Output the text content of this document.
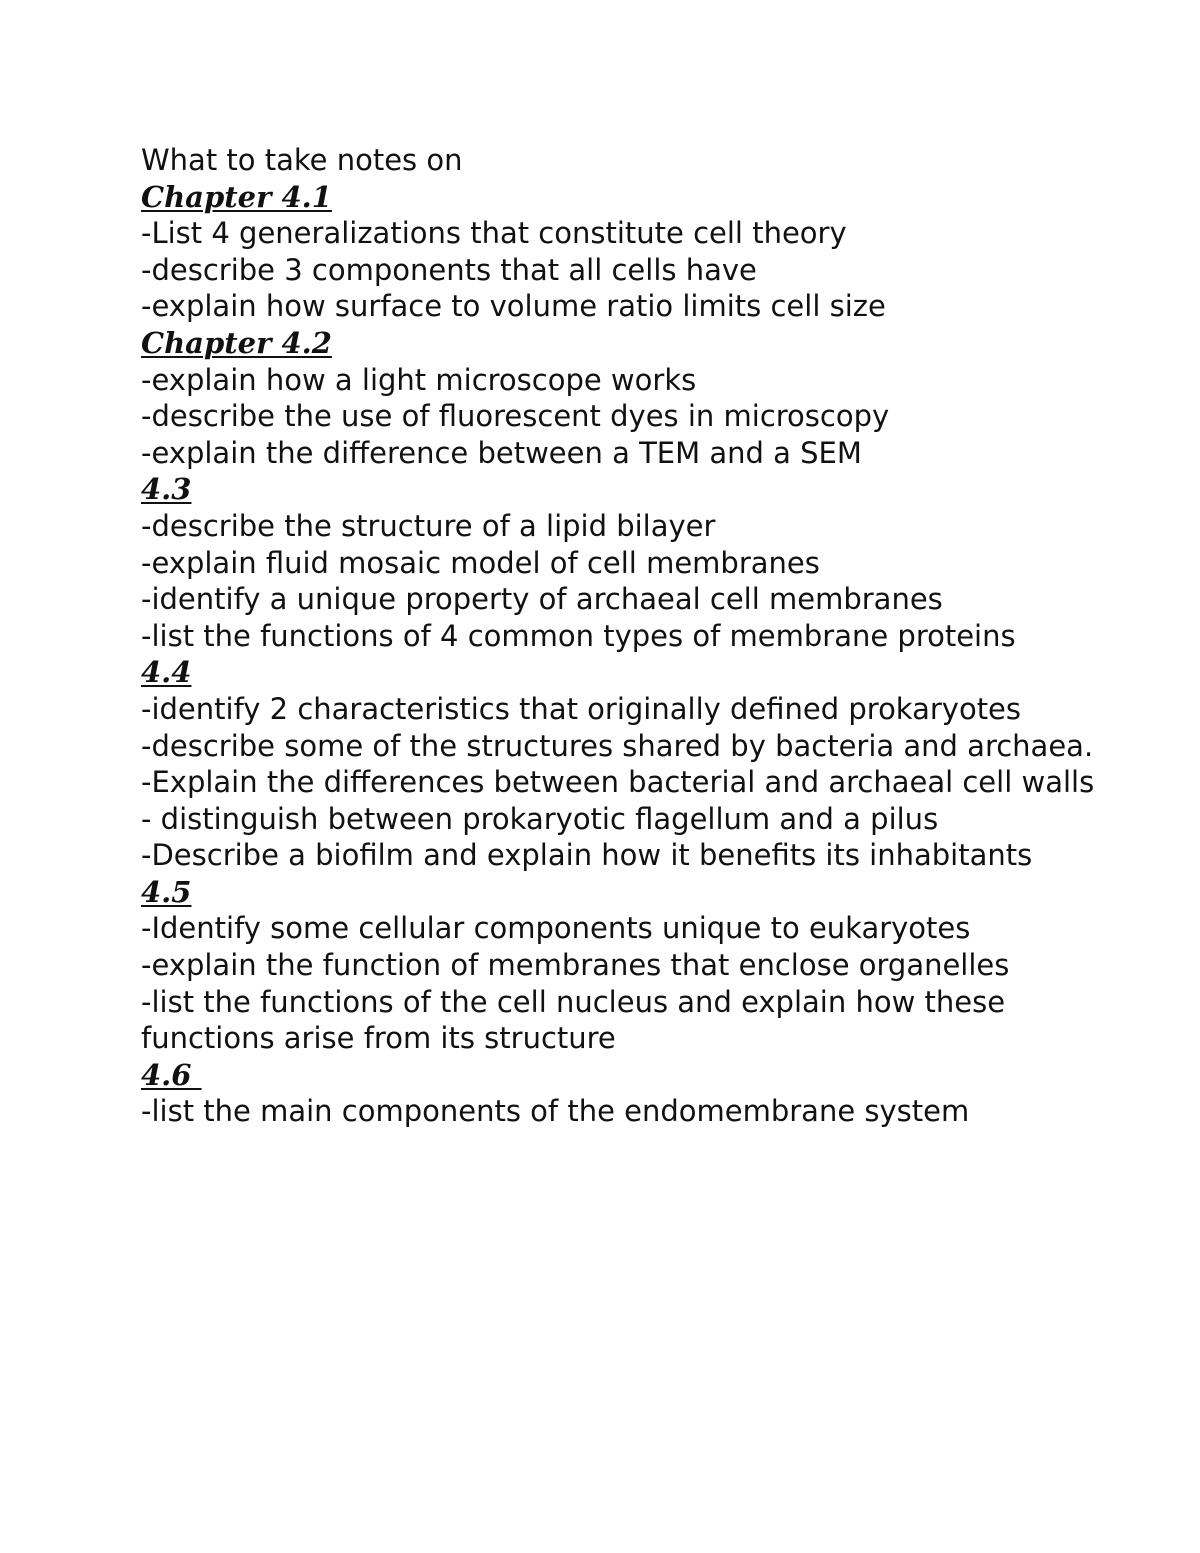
What to take notes on

Chapter 4.1

-List 4 generalizations that constitute cell theory

-describe 3 components that all cells have

-explain how surface to volume ratio limits cell size

Chapter 4.2

-explain how a light microscope works

-describe the use of fluorescent dyes in microscopy

-explain the difference between a TEM and a SEM

4.3

-describe the structure of a lipid bilayer

-explain fluid mosaic model of cell membranes

-identify a unique property of archaeal cell membranes

-list the functions of 4 common types of membrane proteins

4.4

-identify 2 characteristics that originally defined prokaryotes

-describe some of the structures shared by bacteria and archaea.

-Explain the differences between bacterial and archaeal cell walls

- distinguish between prokaryotic flagellum and a pilus

-Describe a biofilm and explain how it benefits its inhabitants

4.5

-Identify some cellular components unique to eukaryotes

-explain the function of membranes that enclose organelles

-list the functions of the cell nucleus and explain how these functions arise from its structure

4.6

-list the main components of the endomembrane system
